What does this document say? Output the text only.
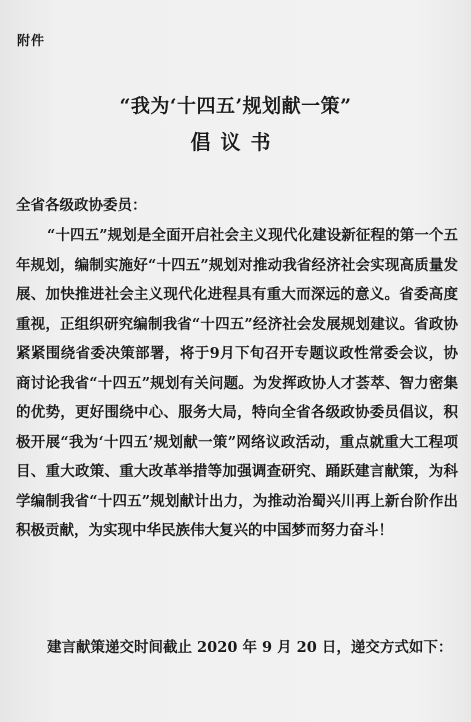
附件
“我为‘十四五’规划献一策”
倡议书
全省各级政协委员：

“十四五”规划是全面开启社会主义现代化建设新征程的第一个五年规划，编制实施好“十四五”规划对推动我省经济社会实现高质量发展、加快推进社会主义现代化进程具有重大而深远的意义。省委高度重视，正组织研究编制我省“十四五”经济社会发展规划建议。省政协紧紧围绕省委决策部署，将于9月下旬召开专题议政性常委会议，协商讨论我省“十四五”规划有关问题。为发挥政协人才荟萃、智力密集的优势，更好围绕中心、服务大局，特向全省各级政协委员倡议，积极开展“我为‘十四五’规划献一策”网络议政活动，重点就重大工程项目、重大政策、重大改革举措等加强调查研究、踊跃建言献策，为科学编制我省“十四五”规划献计出力，为推动治蜀兴川再上新台阶作出积极贡献，为实现中华民族伟大复兴的中国梦而努力奋斗！

建言献策递交时间截止 2020 年 9 月 20 日，递交方式如下：
